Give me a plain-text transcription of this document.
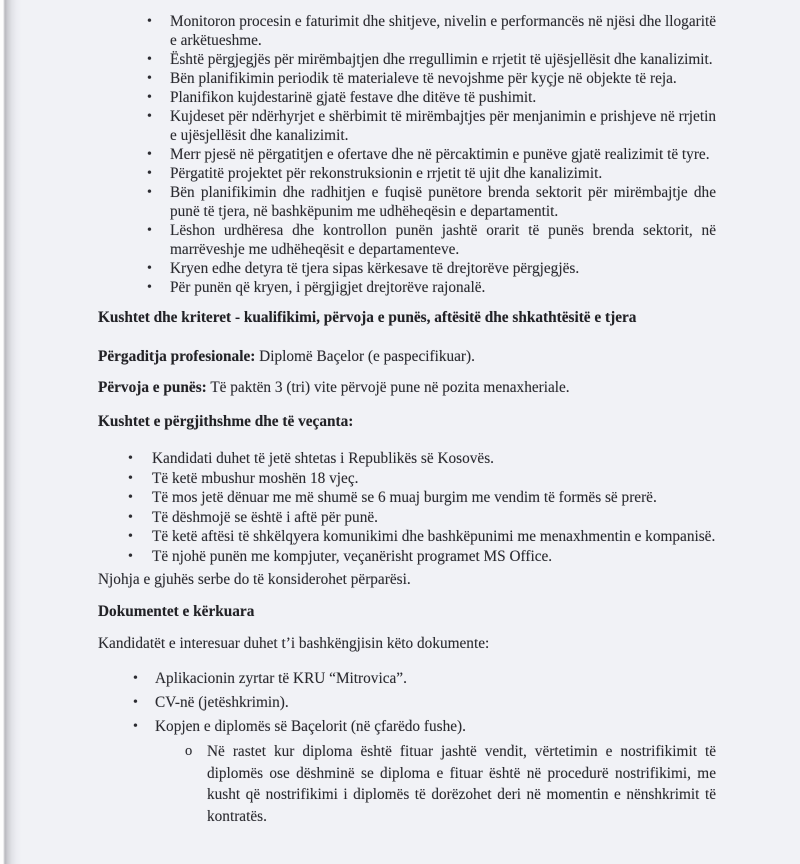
•	Monitoron procesin e faturimit dhe shitjeve, nivelin e performancës në njësi dhe llogaritë e arkëtueshme.
•	Është përgjegjës për mirëmbajtjen dhe rregullimin e rrjetit të ujësjellësit dhe kanalizimit.
•	Bën planifikimin periodik të materialeve të nevojshme për kyçje në objekte të reja.
•	Planifikon kujdestarinë gjatë festave dhe ditëve të pushimit.
•	Kujdeset për ndërhyrjet e shërbimit të mirëmbajtjes për menjanimin e prishjeve në rrjetin e ujësjellësit dhe kanalizimit.
•	Merr pjesë në përgatitjen e ofertave dhe në përcaktimin e punëve gjatë realizimit të tyre.
•	Përgatitë projektet për rekonstruksionin e rrjetit të ujit dhe kanalizimit.
•	Bën planifikimin dhe radhitjen e fuqisë punëtore brenda sektorit për mirëmbajtje dhe punë të tjera, në bashkëpunim me udhëheqësin e departamentit.
•	Lëshon urdhëresa dhe kontrollon punën jashtë orarit të punës brenda sektorit, në marrëveshje me udhëheqësit e departamenteve.
•	Kryen edhe detyra të tjera sipas kërkesave të drejtorëve përgjegjës.
•	Për punën që kryen, i përgjigjet drejtorëve rajonalë.
Kushtet dhe kriteret - kualifikimi, përvoja e punës, aftësitë dhe shkathtësitë e tjera
Përgaditja profesionale: Diplomë Baçelor (e paspecifikuar).
Përvoja e punës: Të paktën 3 (tri) vite përvojë pune në pozita menaxheriale.
Kushtet e përgjithshme dhe të veçanta:
•	Kandidati duhet të jetë shtetas i Republikës së Kosovës.
•	Të ketë mbushur moshën 18 vjeç.
•	Të mos jetë dënuar me më shumë se 6 muaj burgim me vendim të formës së prerë.
•	Të dëshmojë se është i aftë për punë.
•	Të ketë aftësi të shkëlqyera komunikimi dhe bashkëpunimi me menaxhmentin e kompanisë.
•	Të njohë punën me kompjuter, veçanërisht programet MS Office.
Njohja e gjuhës serbe do të konsiderohet përparësi.
Dokumentet e kërkuara
Kandidatët e interesuar duhet t’i bashkëngjisin këto dokumente:
•	Aplikacionin zyrtar të KRU “Mitrovica”.
•	CV-në (jetëshkrimin).
•	Kopjen e diplomës së Baçelorit (në çfarëdo fushe).
o Në rastet kur diploma është fituar jashtë vendit, vërtetimin e nostrifikimit të diplomës ose dëshminë se diploma e fituar është në procedurë nostrifikimi, me kusht që nostrifikimi i diplomës të dorëzohet deri në momentin e nënshkrimit të kontratës.
